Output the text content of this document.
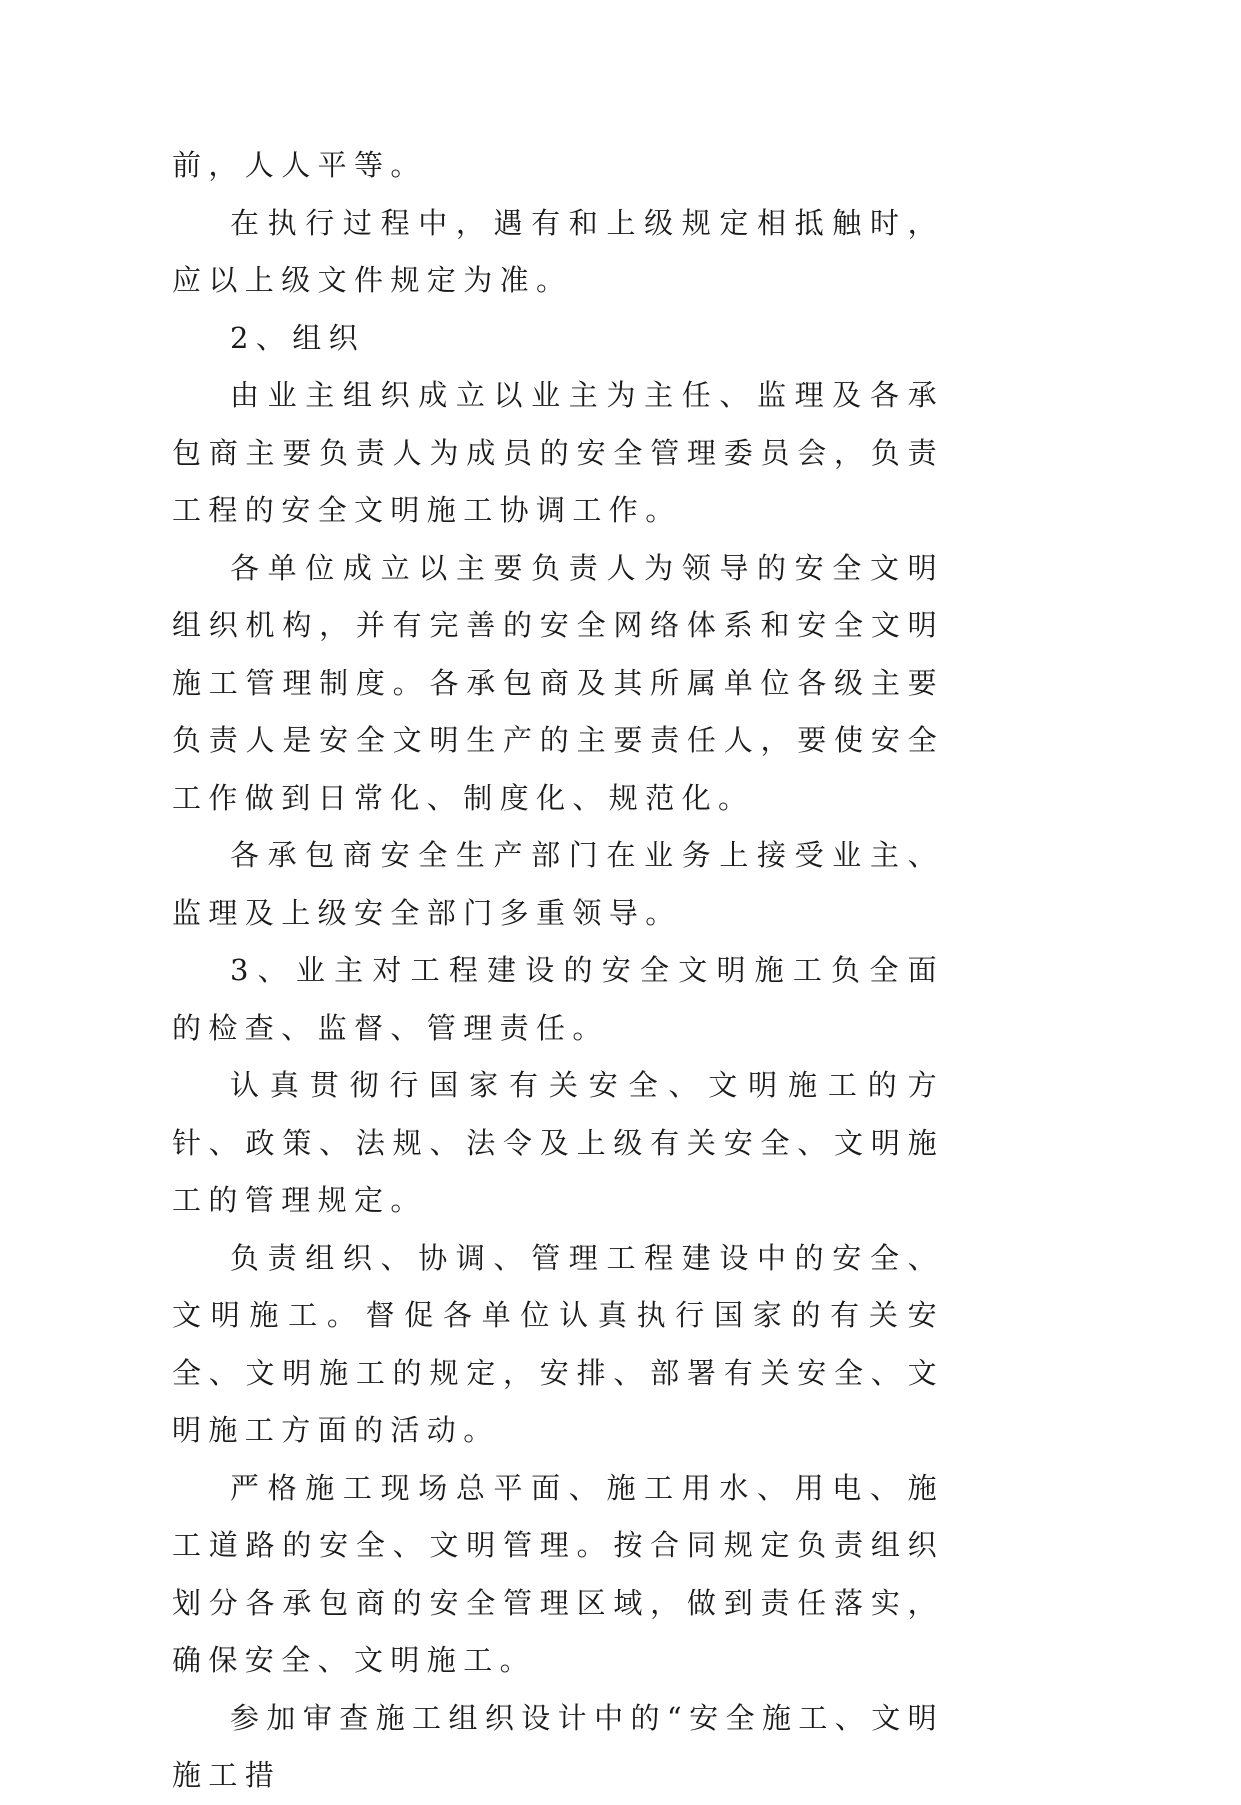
前，人人平等。

在执行过程中，遇有和上级规定相抵触时，应以上级文件规定为准。

2、组织

由业主组织成立以业主为主任、监理及各承包商主要负责人为成员的安全管理委员会，负责工程的安全文明施工协调工作。

各单位成立以主要负责人为领导的安全文明组织机构，并有完善的安全网络体系和安全文明施工管理制度。各承包商及其所属单位各级主要负责人是安全文明生产的主要责任人，要使安全工作做到日常化、制度化、规范化。

各承包商安全生产部门在业务上接受业主、监理及上级安全部门多重领导。

3、业主对工程建设的安全文明施工负全面的检查、监督、管理责任。

认真贯彻行国家有关安全、文明施工的方针、政策、法规、法令及上级有关安全、文明施工的管理规定。

负责组织、协调、管理工程建设中的安全、文明施工。督促各单位认真执行国家的有关安全、文明施工的规定，安排、部署有关安全、文明施工方面的活动。

严格施工现场总平面、施工用水、用电、施工道路的安全、文明管理。按合同规定负责组织划分各承包商的安全管理区域，做到责任落实，确保安全、文明施工。

参加审查施工组织设计中的“安全施工、文明施工措
